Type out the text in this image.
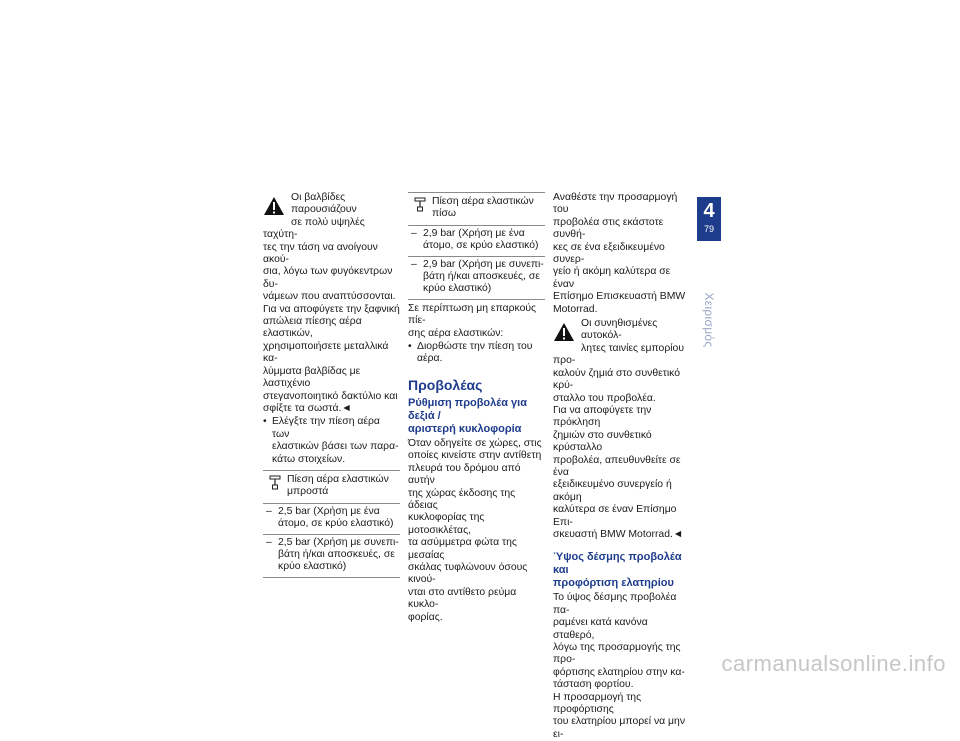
Οι βαλβίδες παρουσιάζουν

σε πολύ υψηλές ταχύτη-

τες την τάση να ανοίγουν ακού-

σια, λόγω των φυγόκεντρων δυ-

νάμεων που αναπτύσσονται.

Για να αποφύγετε την ξαφνική

απώλεια πίεσης αέρα ελαστικών,

χρησιμοποιήσετε μεταλλικά κα-

λύμματα βαλβίδας με λαστιχένιο

στεγανοποιητικό δακτύλιο και

σφίξτε τα σωστά.◄

• Ελέγξτε την πίεση αέρα των

ελαστικών βάσει των παρα-

κάτω στοιχείων.

Πίεση αέρα ελαστικών

μπροστά

– 2,5 bar (Χρήση με ένα

άτομο, σε κρύο ελαστικό)

– 2,5 bar (Χρήση με συνεπι-

βάτη ή/και αποσκευές, σε

κρύο ελαστικό)

Πίεση αέρα ελαστικών

πίσω

– 2,9 bar (Χρήση με ένα

άτομο, σε κρύο ελαστικό)

– 2,9 bar (Χρήση με συνεπι-

βάτη ή/και αποσκευές, σε

κρύο ελαστικό)

Σε περίπτωση μη επαρκούς πίε-

σης αέρα ελαστικών:

• Διορθώστε την πίεση του αέρα.

Προβολέας
Ρύθμιση προβολέα για δεξιά /
αριστερή κυκλοφορία

Όταν οδηγείτε σε χώρες, στις

οποίες κινείστε στην αντίθετη

πλευρά του δρόμου από αυτήν

της χώρας έκδοσης της άδειας

κυκλοφορίας της μοτοσικλέτας,

τα ασύμμετρα φώτα της μεσαίας

σκάλας τυφλώνουν όσους κινού-

νται στο αντίθετο ρεύμα κυκλο-

φορίας.

Αναθέστε την προσαρμογή του

προβολέα στις εκάστοτε συνθή-

κες σε ένα εξειδικευμένο συνερ-

γείο ή ακόμη καλύτερα σε έναν

Επίσημο Επισκευαστή BMW

Motorrad.

Οι συνηθισμένες αυτοκόλ-

λητες ταινίες εμπορίου προ-

καλούν ζημιά στο συνθετικό κρύ-

σταλλο του προβολέα.

Για να αποφύγετε την πρόκληση

ζημιών στο συνθετικό κρύσταλλο

προβολέα, απευθυνθείτε σε ένα

εξειδικευμένο συνεργείο ή ακόμη

καλύτερα σε έναν Επίσημο Επι-

σκευαστή BMW Motorrad.◄

Ύψος δέσμης προβολέα και
προφόρτιση ελατηρίου

Το ύψος δέσμης προβολέα πα-

ραμένει κατά κανόνα σταθερό,

λόγω της προσαρμογής της προ-

φόρτισης ελατηρίου στην κα-

τάσταση φορτίου.

Η προσαρμογή της προφόρτισης

του ελατηρίου μπορεί να μην ει-

4
79
Χειρισμός
carmanualsonline.info
